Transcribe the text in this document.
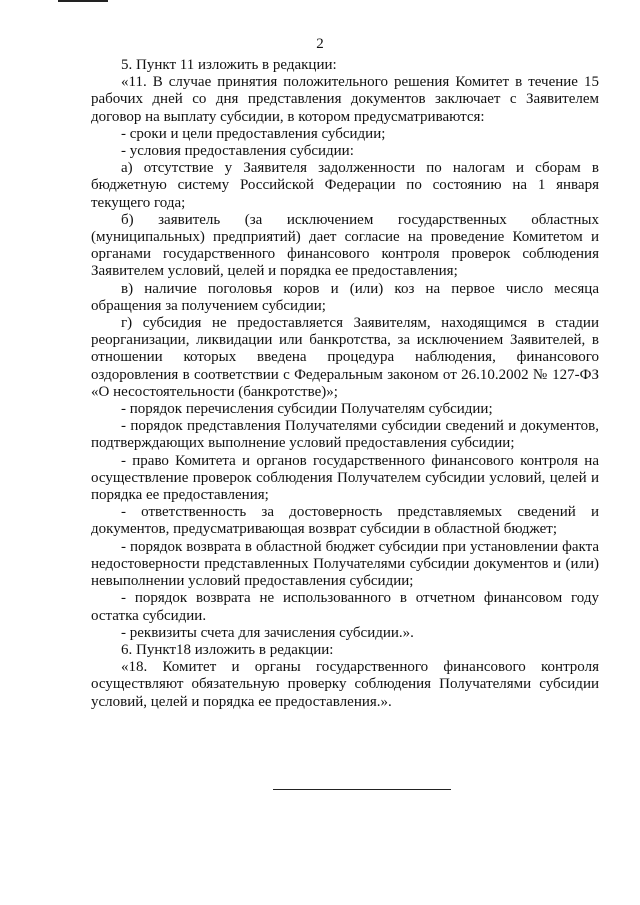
2

5. Пункт 11 изложить в редакции:

«11. В случае принятия положительного решения Комитет в течение 15 рабочих дней со дня представления документов заключает с Заявителем договор на выплату субсидии, в котором предусматриваются:

- сроки и цели предоставления субсидии;

- условия предоставления субсидии:

а) отсутствие у Заявителя задолженности по налогам и сборам в бюджетную систему Российской Федерации по состоянию на 1 января текущего года;

б) заявитель (за исключением государственных областных (муниципальных) предприятий) дает согласие на проведение Комитетом и органами государственного финансового контроля проверок соблюдения Заявителем условий, целей и порядка ее предоставления;

в) наличие поголовья коров и (или) коз на первое число месяца обращения за получением субсидии;

г) субсидия не предоставляется Заявителям, находящимся в стадии реорганизации, ликвидации или банкротства, за исключением Заявителей, в отношении которых введена процедура наблюдения, финансового оздоровления в соответствии с Федеральным законом от 26.10.2002 № 127-ФЗ «О несостоятельности (банкротстве)»;

- порядок перечисления субсидии Получателям субсидии;

- порядок представления Получателями субсидии сведений и документов, подтверждающих выполнение условий предоставления субсидии;

- право Комитета и органов государственного финансового контроля на осуществление проверок соблюдения Получателем субсидии условий, целей и порядка ее предоставления;

- ответственность за достоверность представляемых сведений и документов, предусматривающая возврат субсидии в областной бюджет;

- порядок возврата в областной бюджет субсидии при установлении факта недостоверности представленных Получателями субсидии документов и (или) невыполнении условий предоставления субсидии;

- порядок возврата не использованного в отчетном финансовом году остатка субсидии.

- реквизиты счета для зачисления субсидии.».

6. Пункт18 изложить в редакции:

«18. Комитет и органы государственного финансового контроля осуществляют обязательную проверку соблюдения Получателями субсидии условий, целей и порядка ее предоставления.».
